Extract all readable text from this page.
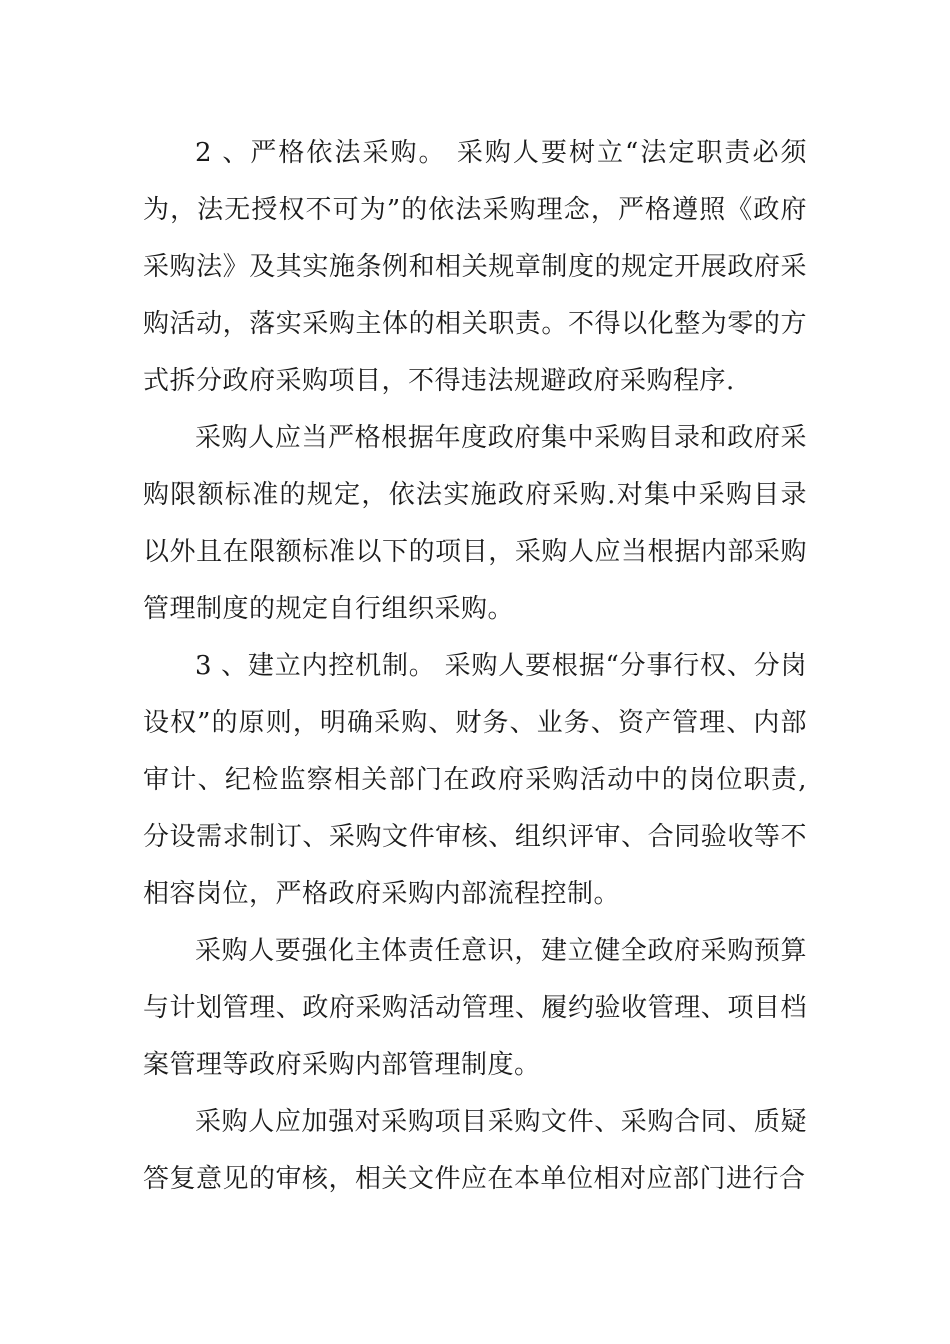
2 、严格依法采购。 采购人要树立“法定职责必须为，法无授权不可为”的依法采购理念，严格遵照《政府采购法》及其实施条例和相关规章制度的规定开展政府采购活动，落实采购主体的相关职责。不得以化整为零的方式拆分政府采购项目，不得违法规避政府采购程序.

采购人应当严格根据年度政府集中采购目录和政府采购限额标准的规定，依法实施政府采购.对集中采购目录以外且在限额标准以下的项目，采购人应当根据内部采购管理制度的规定自行组织采购。

3 、建立内控机制。 采购人要根据“分事行权、分岗设权”的原则，明确采购、财务、业务、资产管理、内部审计、纪检监察相关部门在政府采购活动中的岗位职责,分设需求制订、采购文件审核、组织评审、合同验收等不相容岗位，严格政府采购内部流程控制。

采购人要强化主体责任意识，建立健全政府采购预算与计划管理、政府采购活动管理、履约验收管理、项目档案管理等政府采购内部管理制度。

采购人应加强对采购项目采购文件、采购合同、质疑答复意见的审核，相关文件应在本单位相对应部门进行合
